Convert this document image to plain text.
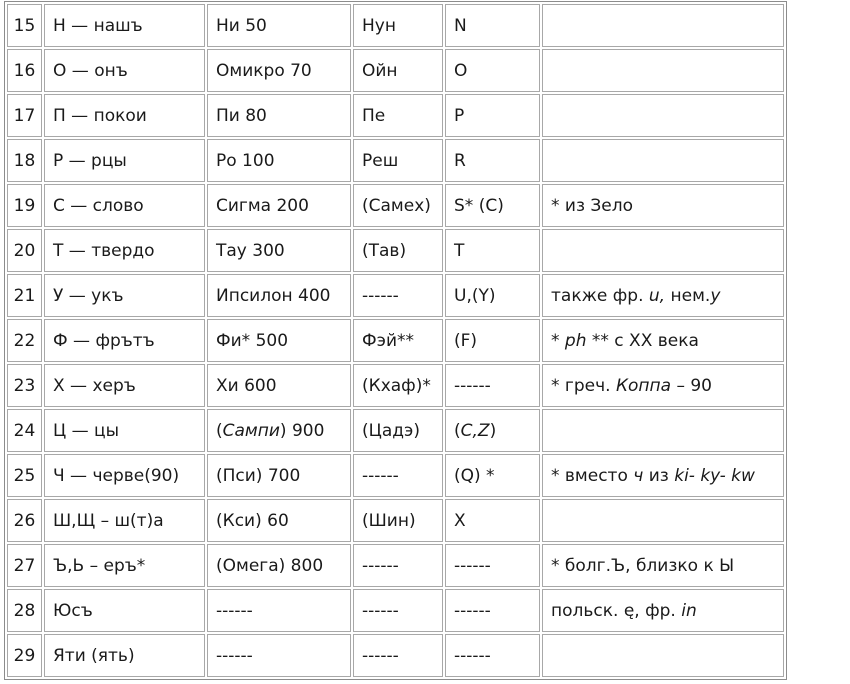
15	Н — нашъ	Ни 50	Нун	N	
16	О — онъ	Омикро 70	Ойн	O	
17	П — покои	Пи 80	Пе	P	
18	Р — рцы	Ро 100	Реш	R	
19	С — слово	Сигма 200	(Самех)	S* (C)	* из Зело
20	Т — твердо	Тау 300	(Тав)	T	
21	У — укъ	Ипсилон 400	------	U,(Y)	также фр. u, нем.у
22	Ф — фрътъ	Фи* 500	Фэй**	(F)	* ph ** с XX века
23	Х — херъ	Хи 600	(Кхаф)*	------	* греч. Коппа – 90
24	Ц — цы	(Сампи) 900	(Цадэ)	(C,Z)	
25	Ч — черве(90)	(Пси) 700	------	(Q) *	* вместо ч из ki- ky- kw
26	Ш,Щ – ш(т)а	(Кси) 60	(Шин)	X	
27	Ъ,Ь – еръ*	(Омега) 800	------	------	* болг.Ъ, близко к Ы
28	Юсъ	------	------	------	польск. ę, фр. in
29	Яти (ять)	------	------	------	
